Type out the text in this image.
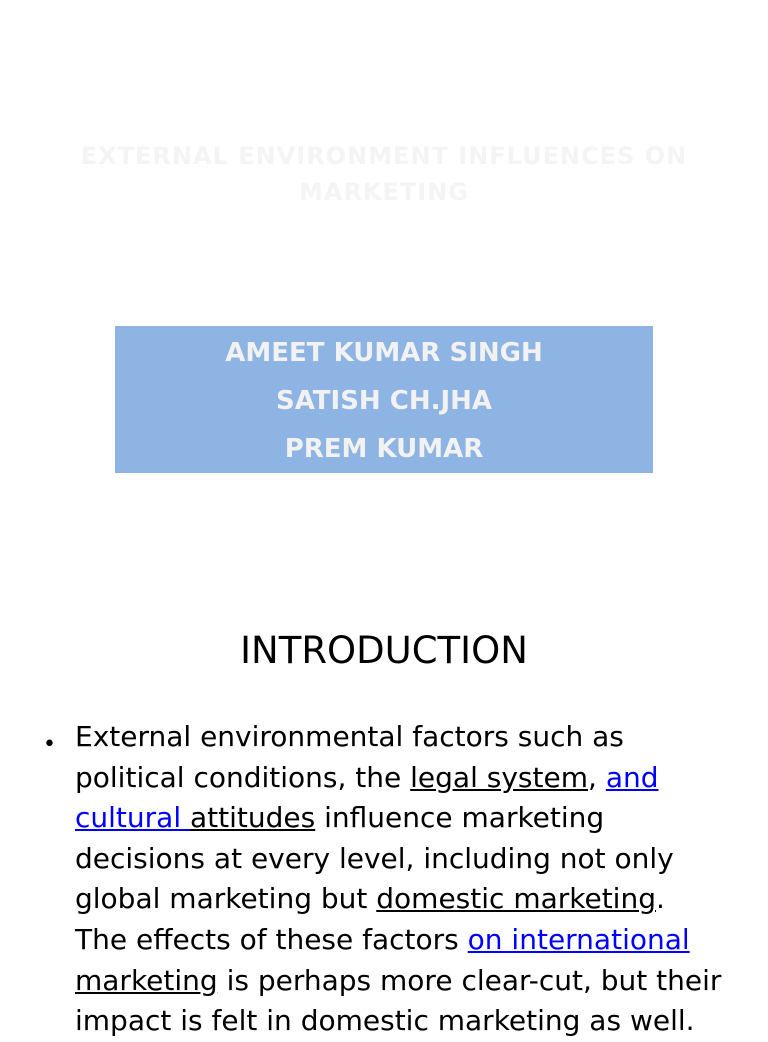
EXTERNAL ENVIRONMENT INFLUENCES ON
MARKETING
AMEET KUMAR SINGH
SATISH CH.JHA
PREM KUMAR
INTRODUCTION
• External environmental factors such as political conditions, the legal system, and cultural attitudes influence marketing decisions at every level, including not only global marketing but domestic marketing. The effects of these factors on international marketing is perhaps more clear-cut, but their impact is felt in domestic marketing as well.
